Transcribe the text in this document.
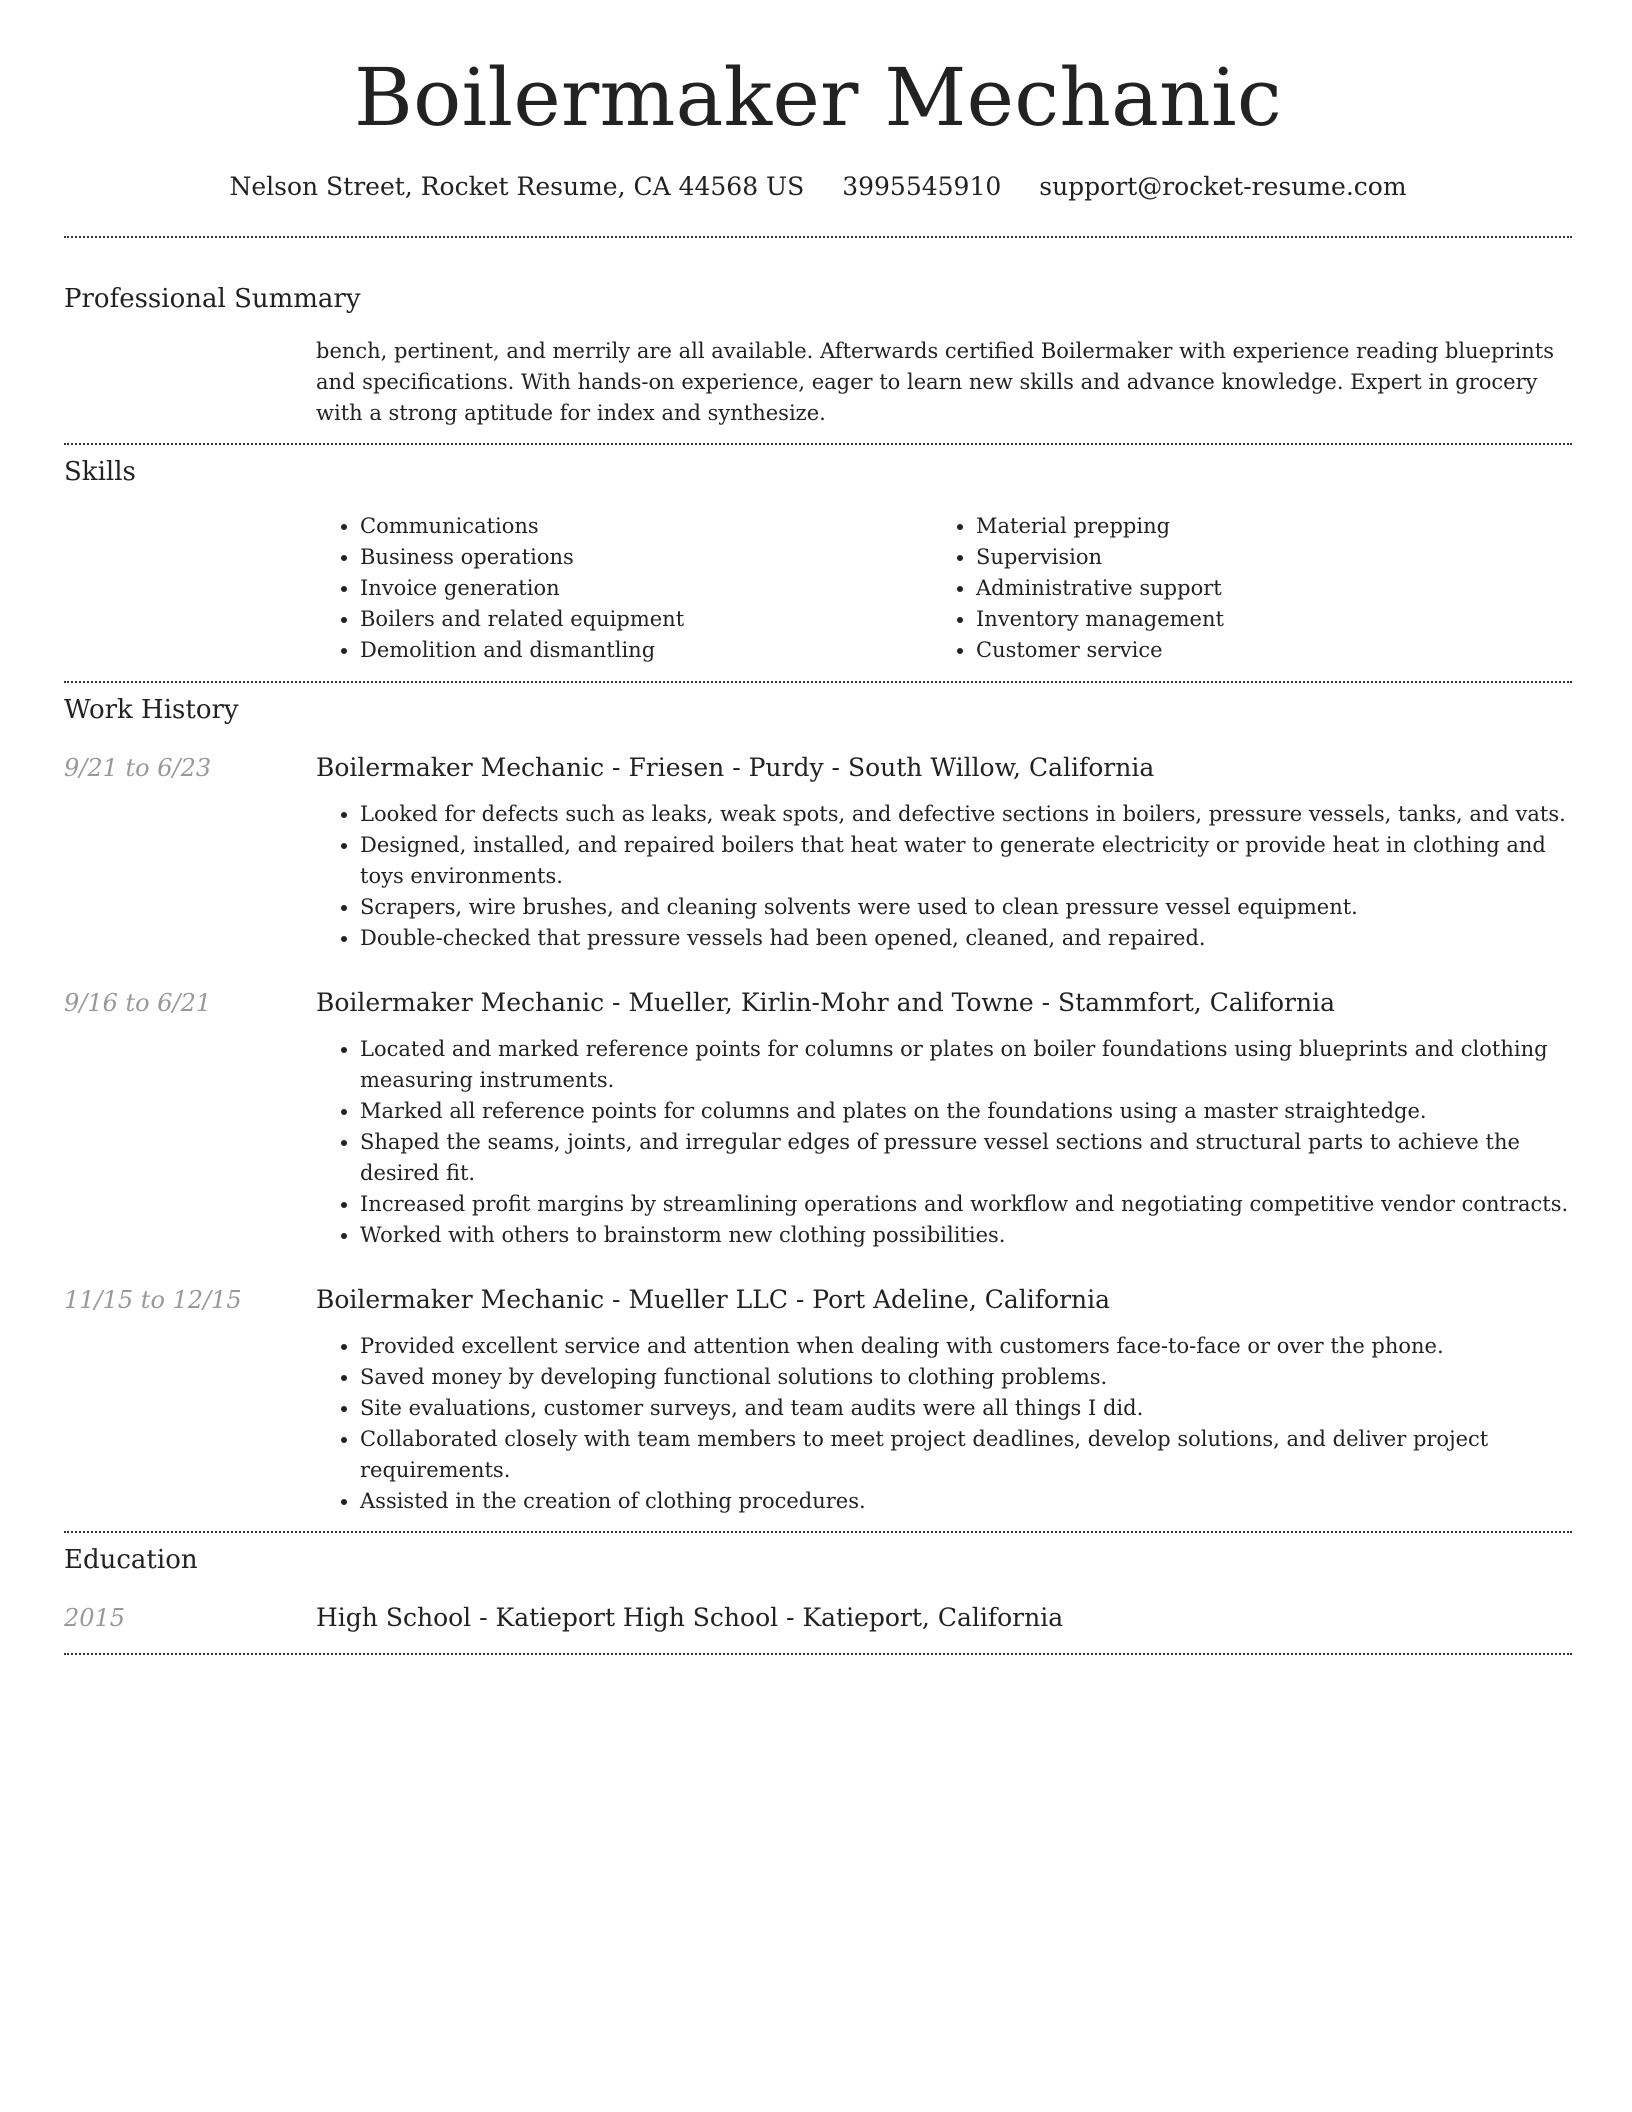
Boilermaker Mechanic
Nelson Street, Rocket Resume, CA 44568 US 3995545910 support@rocket-resume.com
Professional Summary
bench, pertinent, and merrily are all available. Afterwards certified Boilermaker with experience reading blueprints and specifications. With hands-on experience, eager to learn new skills and advance knowledge. Expert in grocery with a strong aptitude for index and synthesize.
Skills
• Communications
• Business operations
• Invoice generation
• Boilers and related equipment
• Demolition and dismantling
• Material prepping
• Supervision
• Administrative support
• Inventory management
• Customer service
Work History
9/21 to 6/23	Boilermaker Mechanic - Friesen - Purdy - South Willow, California
• Looked for defects such as leaks, weak spots, and defective sections in boilers, pressure vessels, tanks, and vats.
• Designed, installed, and repaired boilers that heat water to generate electricity or provide heat in clothing and toys environments.
• Scrapers, wire brushes, and cleaning solvents were used to clean pressure vessel equipment.
• Double-checked that pressure vessels had been opened, cleaned, and repaired.
9/16 to 6/21	Boilermaker Mechanic - Mueller, Kirlin-Mohr and Towne - Stammfort, California
• Located and marked reference points for columns or plates on boiler foundations using blueprints and clothing measuring instruments.
• Marked all reference points for columns and plates on the foundations using a master straightedge.
• Shaped the seams, joints, and irregular edges of pressure vessel sections and structural parts to achieve the desired fit.
• Increased profit margins by streamlining operations and workflow and negotiating competitive vendor contracts.
• Worked with others to brainstorm new clothing possibilities.
11/15 to 12/15	Boilermaker Mechanic - Mueller LLC - Port Adeline, California
• Provided excellent service and attention when dealing with customers face-to-face or over the phone.
• Saved money by developing functional solutions to clothing problems.
• Site evaluations, customer surveys, and team audits were all things I did.
• Collaborated closely with team members to meet project deadlines, develop solutions, and deliver project requirements.
• Assisted in the creation of clothing procedures.
Education
2015	High School - Katieport High School - Katieport, California
